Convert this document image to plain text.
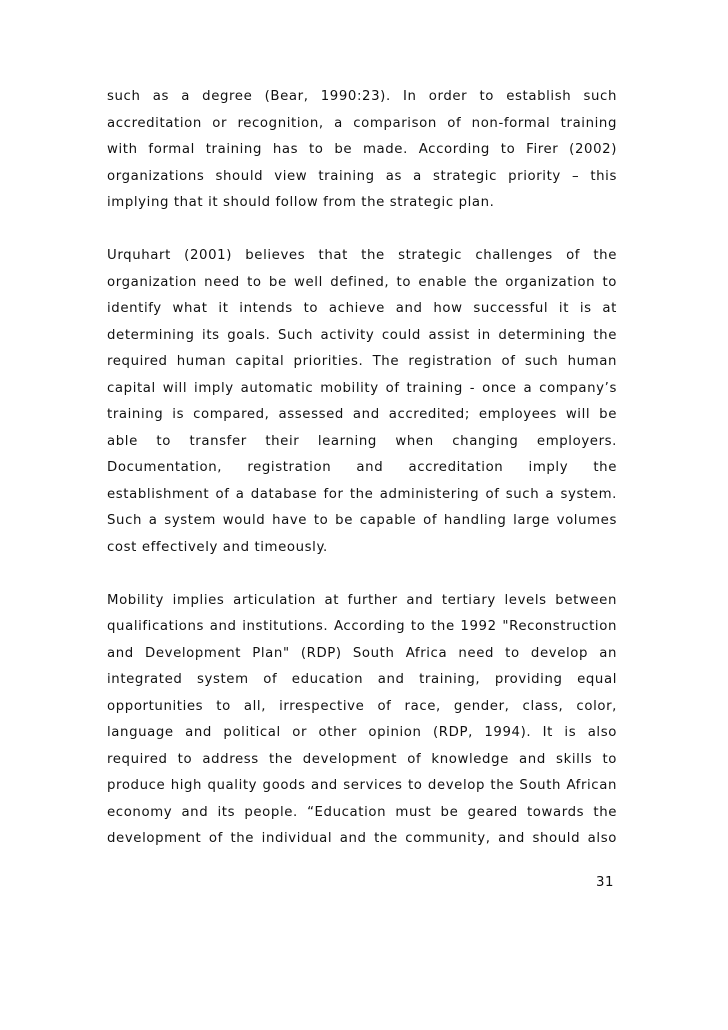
such as a degree (Bear, 1990:23). In order to establish such
accreditation or recognition, a comparison of non-formal training
with formal training has to be made. According to Firer (2002)
organizations should view training as a strategic priority – this
implying that it should follow from the strategic plan.
Urquhart (2001) believes that the strategic challenges of the
organization need to be well defined, to enable the organization to
identify what it intends to achieve and how successful it is at
determining its goals. Such activity could assist in determining the
required human capital priorities. The registration of such human
capital will imply automatic mobility of training - once a company’s
training is compared, assessed and accredited; employees will be
able to transfer their learning when changing employers.
Documentation, registration and accreditation imply the
establishment of a database for the administering of such a system.
Such a system would have to be capable of handling large volumes
cost effectively and timeously.
Mobility implies articulation at further and tertiary levels between
qualifications and institutions. According to the 1992 "Reconstruction
and Development Plan" (RDP) South Africa need to develop an
integrated system of education and training, providing equal
opportunities to all, irrespective of race, gender, class, color,
language and political or other opinion (RDP, 1994). It is also
required to address the development of knowledge and skills to
produce high quality goods and services to develop the South African
economy and its people. “Education must be geared towards the
development of the individual and the community, and should also
31
